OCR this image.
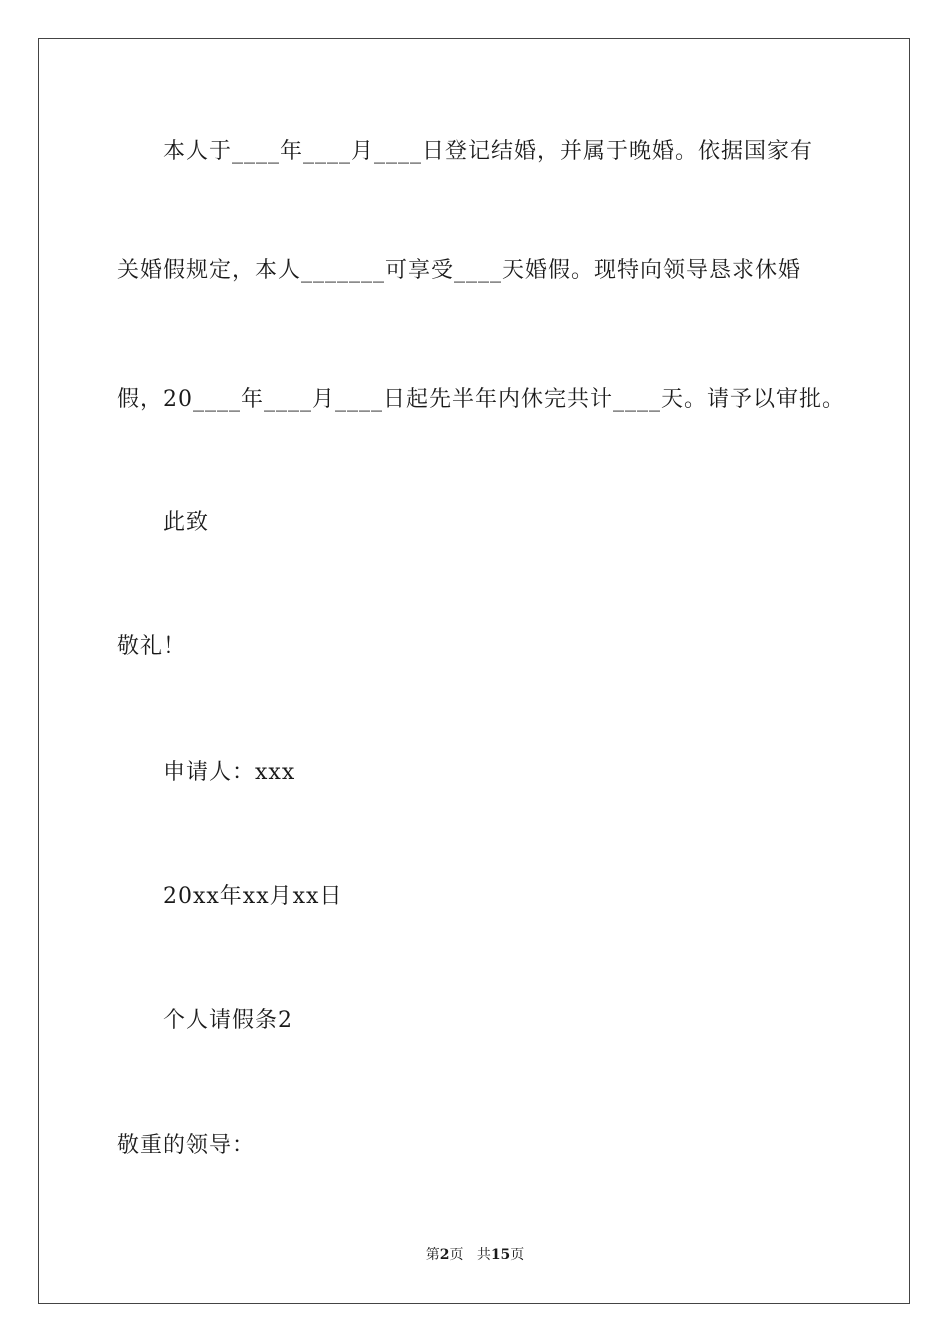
本人于____年____月____日登记结婚，并属于晚婚。依据国家有
关婚假规定，本人_______可享受____天婚假。现特向领导恳求休婚
假，20____年____月____日起先半年内休完共计____天。请予以审批。
此致
敬礼！
申请人：xxx
20xx年xx月xx日
个人请假条2
敬重的领导：
第2页 共15页
